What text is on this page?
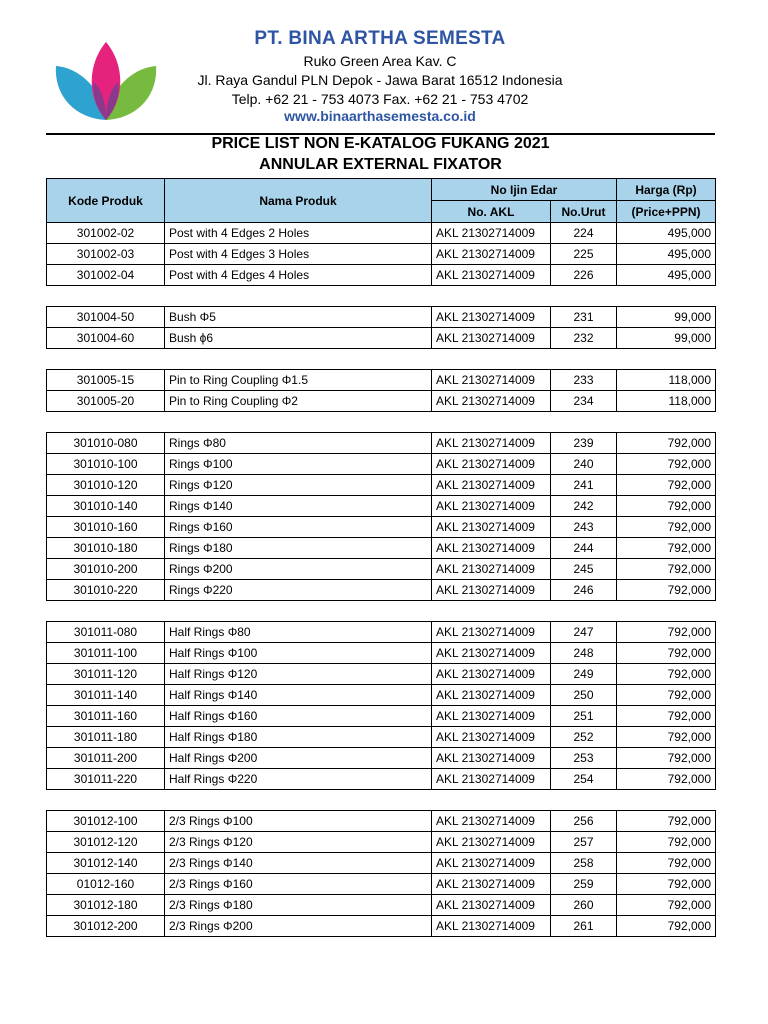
PT. BINA ARTHA SEMESTA
Ruko Green Area Kav. C
Jl. Raya Gandul PLN Depok - Jawa Barat 16512 Indonesia
Telp. +62 21 - 753 4073 Fax. +62 21 - 753 4702
www.binaarthasemesta.co.id
PRICE LIST NON E-KATALOG FUKANG 2021
ANNULAR EXTERNAL FIXATOR
Kode Produk	Nama Produk	No Ijin Edar		Harga (Rp)
		No. AKL	No.Urut	(Price+PPN)
301002-02	Post with 4 Edges 2 Holes	AKL 21302714009	224	495,000
301002-03	Post with 4 Edges 3 Holes	AKL 21302714009	225	495,000
301002-04	Post with 4 Edges 4 Holes	AKL 21302714009	226	495,000

301004-50	Bush Φ5	AKL 21302714009	231	99,000
301004-60	Bush ϕ6	AKL 21302714009	232	99,000

301005-15	Pin to Ring Coupling Φ1.5	AKL 21302714009	233	118,000
301005-20	Pin to Ring Coupling Φ2	AKL 21302714009	234	118,000

301010-080	Rings Φ80	AKL 21302714009	239	792,000
301010-100	Rings Φ100	AKL 21302714009	240	792,000
301010-120	Rings Φ120	AKL 21302714009	241	792,000
301010-140	Rings Φ140	AKL 21302714009	242	792,000
301010-160	Rings Φ160	AKL 21302714009	243	792,000
301010-180	Rings Φ180	AKL 21302714009	244	792,000
301010-200	Rings Φ200	AKL 21302714009	245	792,000
301010-220	Rings Φ220	AKL 21302714009	246	792,000

301011-080	Half Rings Φ80	AKL 21302714009	247	792,000
301011-100	Half Rings Φ100	AKL 21302714009	248	792,000
301011-120	Half Rings Φ120	AKL 21302714009	249	792,000
301011-140	Half Rings Φ140	AKL 21302714009	250	792,000
301011-160	Half Rings Φ160	AKL 21302714009	251	792,000
301011-180	Half Rings Φ180	AKL 21302714009	252	792,000
301011-200	Half Rings Φ200	AKL 21302714009	253	792,000
301011-220	Half Rings Φ220	AKL 21302714009	254	792,000

301012-100	2/3 Rings Φ100	AKL 21302714009	256	792,000
301012-120	2/3 Rings Φ120	AKL 21302714009	257	792,000
301012-140	2/3 Rings Φ140	AKL 21302714009	258	792,000
01012-160	2/3 Rings Φ160	AKL 21302714009	259	792,000
301012-180	2/3 Rings Φ180	AKL 21302714009	260	792,000
301012-200	2/3 Rings Φ200	AKL 21302714009	261	792,000
